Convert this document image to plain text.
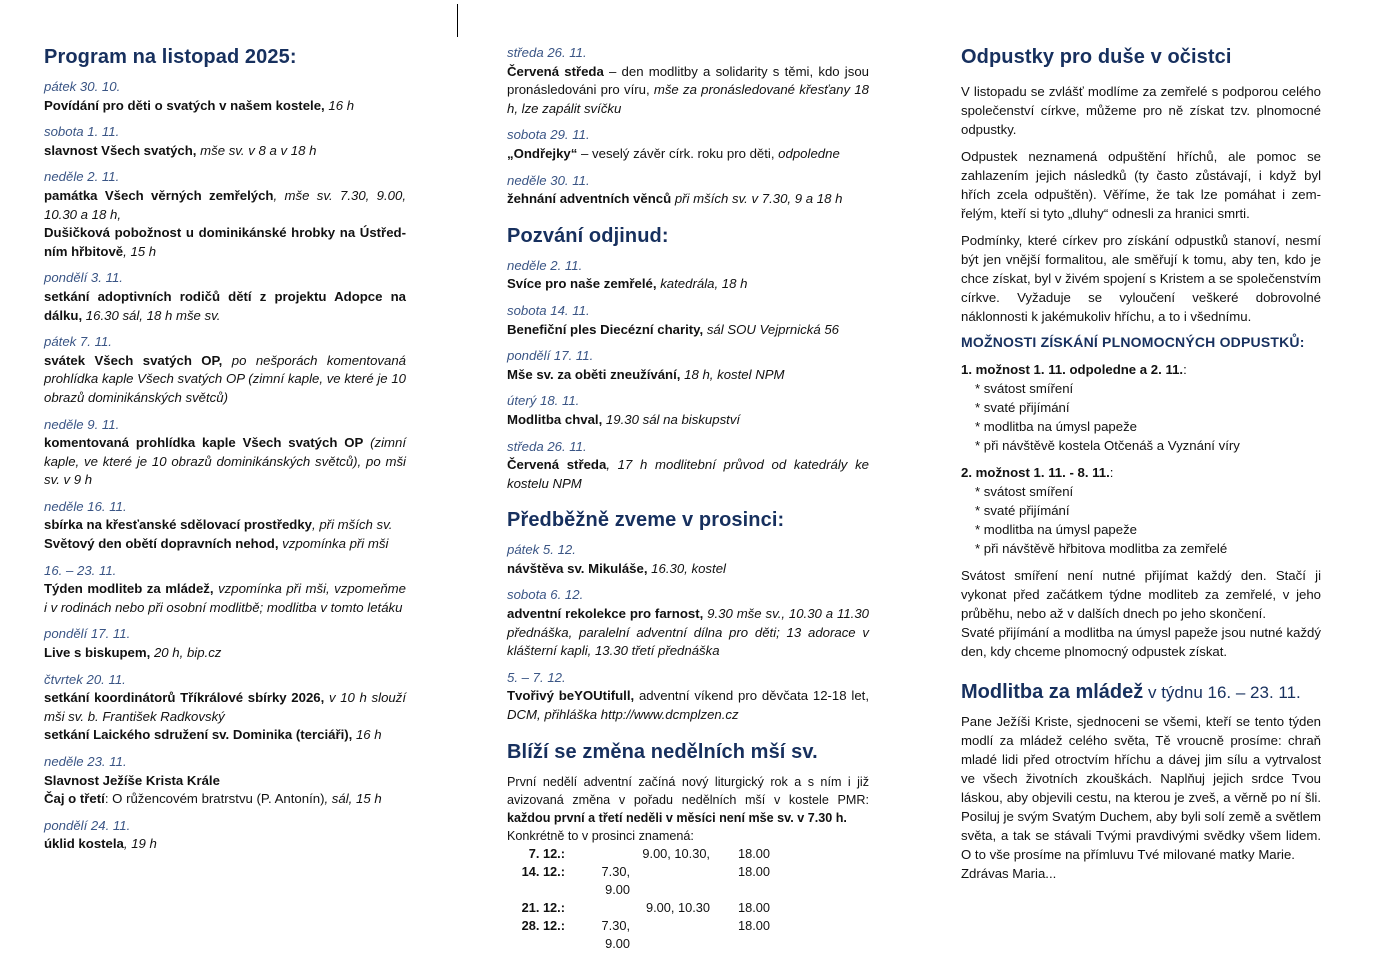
Program na listopad 2025:
pátek 30. 10.
Povídání pro děti o svatých v našem kostele, 16 h
sobota 1. 11.
slavnost Všech svatých, mše sv. v 8 a v 18 h
neděle 2. 11.
památka Všech věrných zemřelých, mše sv. 7.30, 9.00, 10.30 a 18 h,
Dušičková pobožnost u dominikánské hrobky na Ústředním hřbitově, 15 h
pondělí 3. 11.
setkání adoptivních rodičů dětí z projektu Adopce na dálku, 16.30 sál, 18 h mše sv.
pátek 7. 11.
svátek Všech svatých OP, po nešporách komentovaná prohlídka kaple Všech svatých OP (zimní kaple, ve které je 10 obrazů dominikánských světců)
neděle 9. 11.
komentovaná prohlídka kaple Všech svatých OP (zimní kaple, ve které je 10 obrazů dominikánských světců), po mši sv. v 9 h
neděle 16. 11.
sbírka na křesťanské sdělovací prostředky, při mších sv.
Světový den obětí dopravních nehod, vzpomínka při mši
16. – 23. 11.
Týden modliteb za mládež, vzpomínka při mši, vzpomeňme i v rodinách nebo při osobní modlitbě; modlitba v tomto letáku
pondělí 17. 11.
Live s biskupem, 20 h, bip.cz
čtvrtek 20. 11.
setkání koordinátorů Tříkrálové sbírky 2026, v 10 h slouží mši sv. b. František Radkovský
setkání Laického sdružení sv. Dominika (terciáři), 16 h
neděle 23. 11.
Slavnost Ježíše Krista Krále
Čaj o třetí: O růžencovém bratrstvu (P. Antonín), sál, 15 h
pondělí 24. 11.
úklid kostela, 19 h
středa 26. 11.
Červená středa – den modlitby a solidarity s těmi, kdo jsou pronásledováni pro víru, mše za pronásledované křesťany 18 h, lze zapálit svíčku
sobota 29. 11.
„Ondřejky“ – veselý závěr círk. roku pro děti, odpoledne
neděle 30. 11.
žehnání adventních věnců při mších sv. v 7.30, 9 a 18 h
Pozvání odjinud:
neděle 2. 11.
Svíce pro naše zemřelé, katedrála, 18 h
sobota 14. 11.
Benefiční ples Diecézní charity, sál SOU Vejprnická 56
pondělí 17. 11.
Mše sv. za oběti zneužívání, 18 h, kostel NPM
úterý 18. 11.
Modlitba chval, 19.30 sál na biskupství
středa 26. 11.
Červená středa, 17 h modlitební průvod od katedrály ke kostelu NPM
Předběžně zveme v prosinci:
pátek 5. 12.
návštěva sv. Mikuláše, 16.30, kostel
sobota 6. 12.
adventní rekolekce pro farnost, 9.30 mše sv., 10.30 a 11.30 přednáška, paralelní adventní dílna pro děti; 13 adorace v klášterní kapli, 13.30 třetí přednáška
5. – 7. 12.
Tvořivý beYOUtifull, adventní víkend pro děvčata 12-18 let, DCM, přihláška http://www.dcmplzen.cz
Blíží se změna nedělních mší sv.

První nedělí adventní začíná nový liturgický rok a s ním i již avizovaná změna v pořadu nedělních mší v kostele PMR: každou první a třetí neděli v měsíci není mše sv. v 7.30 h.
Konkrétně to v prosinci znamená:

7. 12.:		9.00, 10.30,	18.00
14. 12.:	7.30, 9.00		18.00
21. 12.:		9.00, 10.30	18.00
28. 12.:	7.30, 9.00		18.00
Odpustky pro duše v očistci

V listopadu se zvlášť modlíme za zemřelé s podporou celého společenství církve, můžeme pro ně získat tzv. plnomocné odpustky.

Odpustek neznamená odpuštění hříchů, ale pomoc se zahlazením jejich následků (ty často zůstávají, i když byl hřích zcela odpuštěn). Věříme, že tak lze pomáhat i zemřelým, kteří si tyto „dluhy“ odnesli za hranici smrti.

Podmínky, které církev pro získání odpustků stanoví, nesmí být jen vnější formalitou, ale směřují k tomu, aby ten, kdo je chce získat, byl v živém spojení s Kristem a se společenstvím církve. Vyžaduje se vyloučení veškeré dobrovolné náklonnosti k jakémukoliv hříchu, a to i všednímu.

MOŽNOSTI ZÍSKÁNÍ PLNOMOCNÝCH ODPUSTKŮ:
1. možnost 1. 11. odpoledne a 2. 11.:
* svátost smíření
* svaté přijímání
* modlitba na úmysl papeže
* při návštěvě kostela Otčenáš a Vyznání víry
2. možnost 1. 11. - 8. 11.:
* svátost smíření
* svaté přijímání
* modlitba na úmysl papeže
* při návštěvě hřbitova modlitba za zemřelé

Svátost smíření není nutné přijímat každý den. Stačí ji vykonat před začátkem týdne modliteb za zemřelé, v jeho průběhu, nebo až v dalších dnech po jeho skončení.

Svaté přijímání a modlitba na úmysl papeže jsou nutné každý den, kdy chceme plnomocný odpustek získat.

Modlitba za mládež v týdnu 16. – 23. 11.

Pane Ježíši Kriste, sjednoceni se všemi, kteří se tento týden modlí za mládež celého světa, Tě vroucně prosíme: chraň mladé lidi před otroctvím hříchu a dávej jim sílu a vytrvalost ve všech životních zkouškách. Naplňuj jejich srdce Tvou láskou, aby objevili cestu, na kterou je zveš, a věrně po ní šli. Posiluj je svým Svatým Duchem, aby byli solí země a světlem světa, a tak se stávali Tvými pravdivými svědky všem lidem. O to vše prosíme na přímluvu Tvé milované matky Marie.

Zdrávas Maria...
